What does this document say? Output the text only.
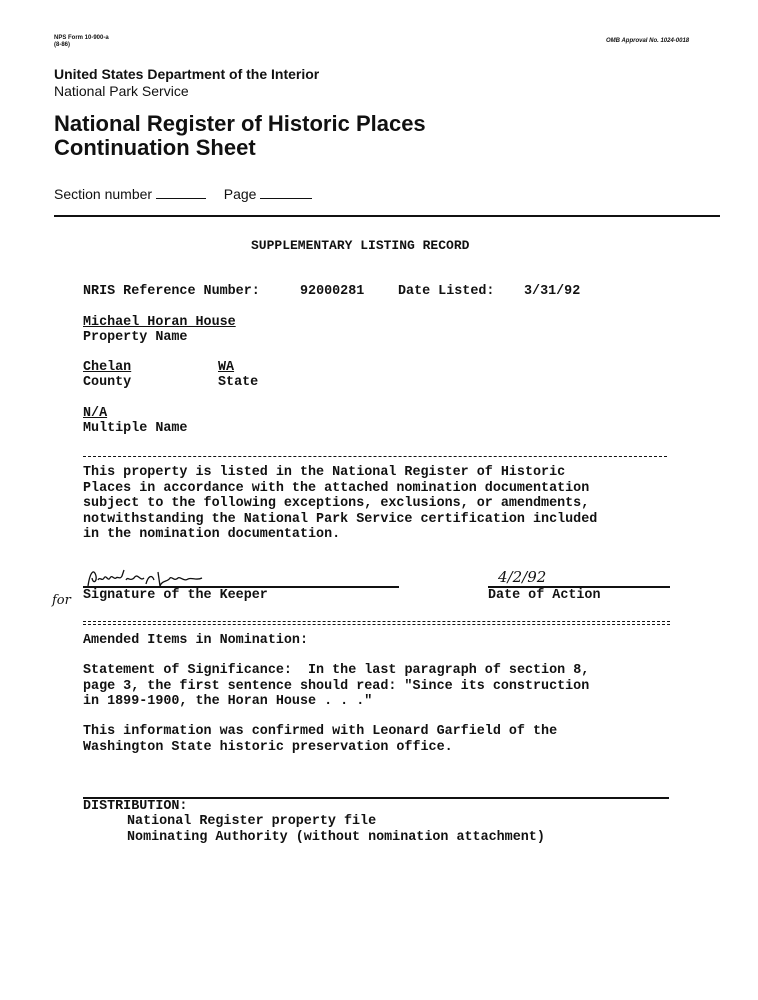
NPS Form 10-900-a
(8-86)
OMB Approval No. 1024-0018
United States Department of the Interior
National Park Service
National Register of Historic Places
Continuation Sheet
Section number	Page
SUPPLEMENTARY LISTING RECORD
NRIS Reference Number:	92000281	Date Listed: 3/31/92
Michael Horan House
Property Name
Chelan
County
WA
State
N/A
Multiple Name
This property is listed in the National Register of Historic
Places in accordance with the attached nomination documentation
subject to the following exceptions, exclusions, or amendments,
notwithstanding the National Park Service certification included
in the nomination documentation.
Signature of the Keeper
for
4/2/92
Date of Action
Amended Items in Nomination:
Statement of Significance: In the last paragraph of section 8,
page 3, the first sentence should read: "Since its construction
in 1899-1900, the Horan House . . ."
This information was confirmed with Leonard Garfield of the
Washington State historic preservation office.
DISTRIBUTION:
National Register property file
Nominating Authority (without nomination attachment)
